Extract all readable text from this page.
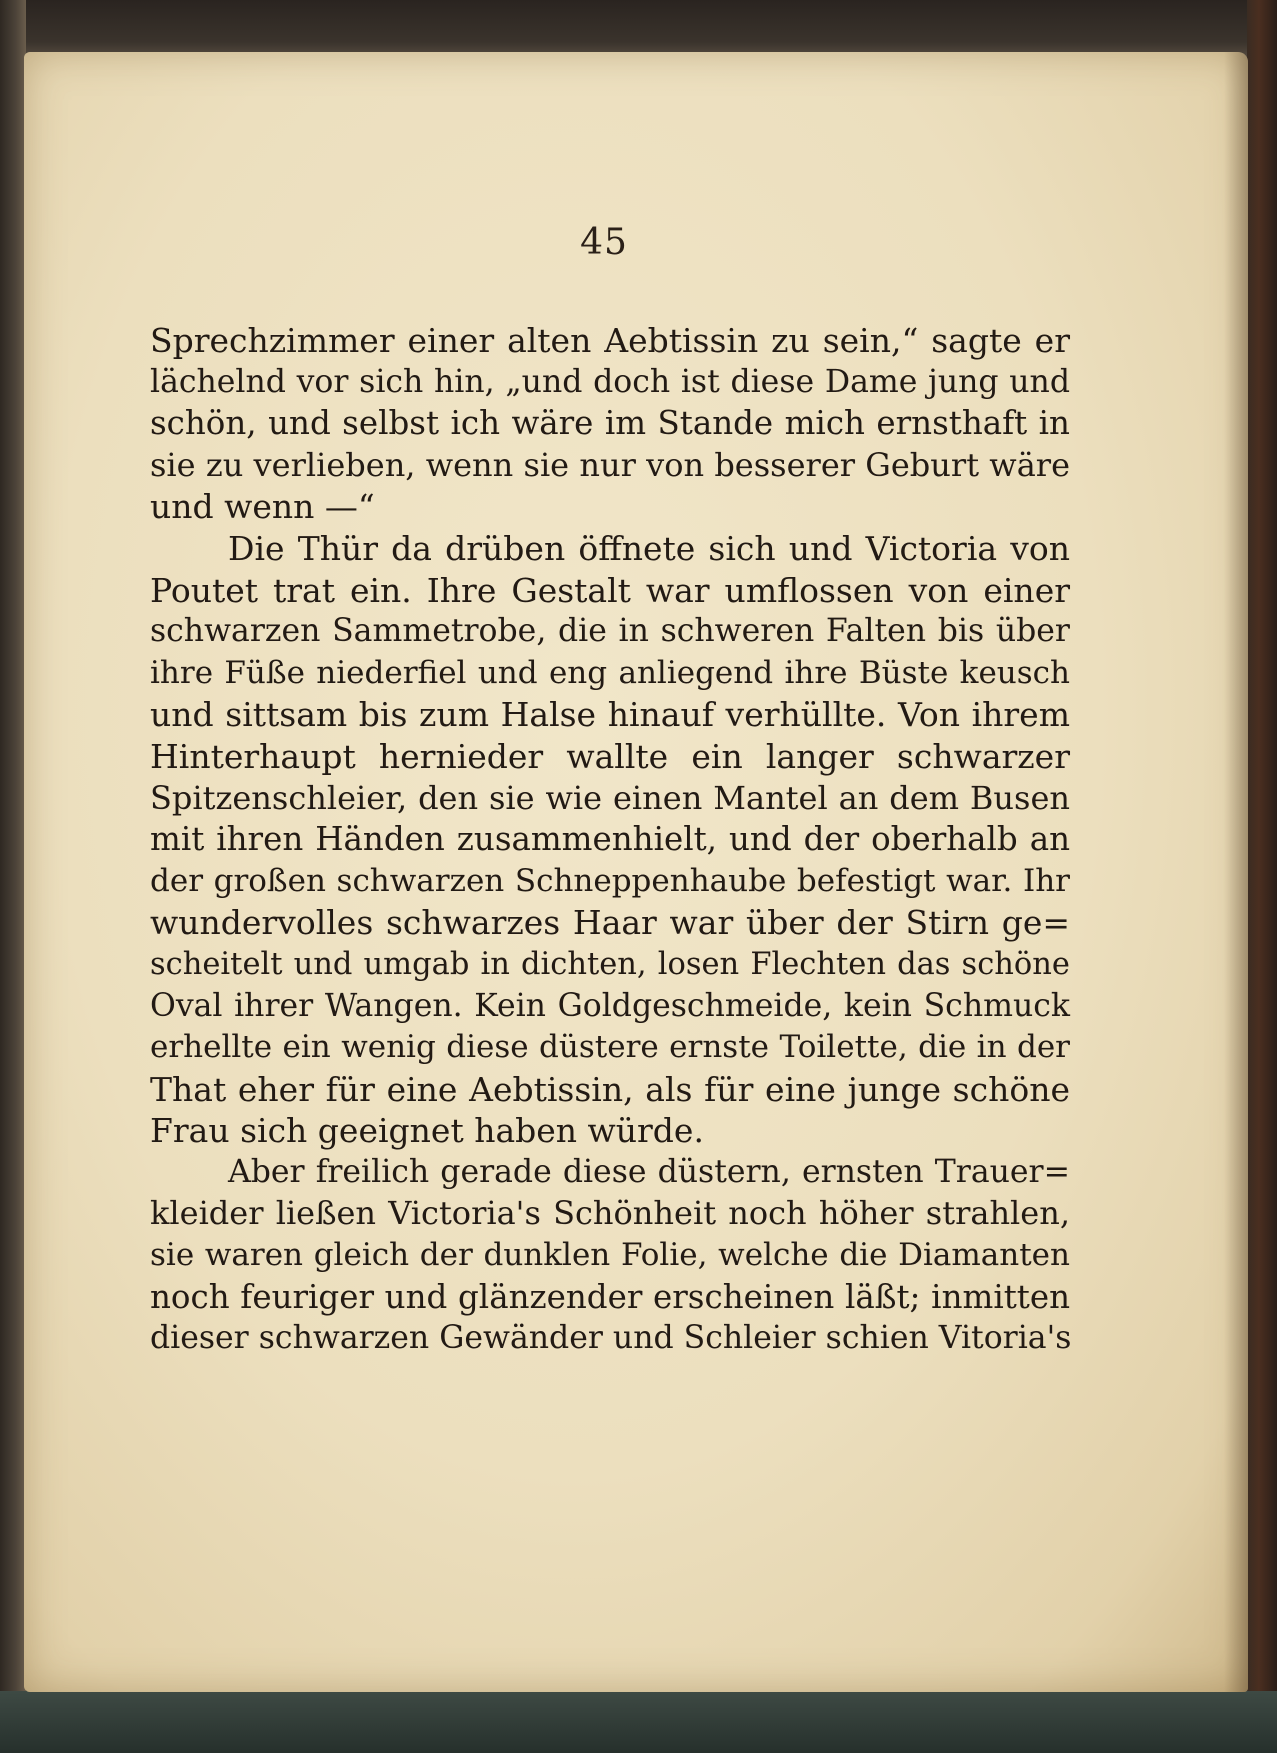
45
Sprechzimmer einer alten Aebtissin zu sein,“ sagte er
lächelnd vor sich hin, „und doch ist diese Dame jung und
schön, und selbst ich wäre im Stande mich ernsthaft in
sie zu verlieben, wenn sie nur von besserer Geburt wäre
und wenn —“
Die Thür da drüben öffnete sich und Victoria von
Poutet trat ein. Ihre Gestalt war umflossen von einer
schwarzen Sammetrobe, die in schweren Falten bis über
ihre Füße niederfiel und eng anliegend ihre Büste keusch
und sittsam bis zum Halse hinauf verhüllte. Von ihrem
Hinterhaupt hernieder wallte ein langer schwarzer
Spitzenschleier, den sie wie einen Mantel an dem Busen
mit ihren Händen zusammenhielt, und der oberhalb an
der großen schwarzen Schneppenhaube befestigt war. Ihr
wundervolles schwarzes Haar war über der Stirn ge=
scheitelt und umgab in dichten, losen Flechten das schöne
Oval ihrer Wangen. Kein Goldgeschmeide, kein Schmuck
erhellte ein wenig diese düstere ernste Toilette, die in der
That eher für eine Aebtissin, als für eine junge schöne
Frau sich geeignet haben würde.
Aber freilich gerade diese düstern, ernsten Trauer=
kleider ließen Victoria's Schönheit noch höher strahlen,
sie waren gleich der dunklen Folie, welche die Diamanten
noch feuriger und glänzender erscheinen läßt; inmitten
dieser schwarzen Gewänder und Schleier schien Vitoria's
